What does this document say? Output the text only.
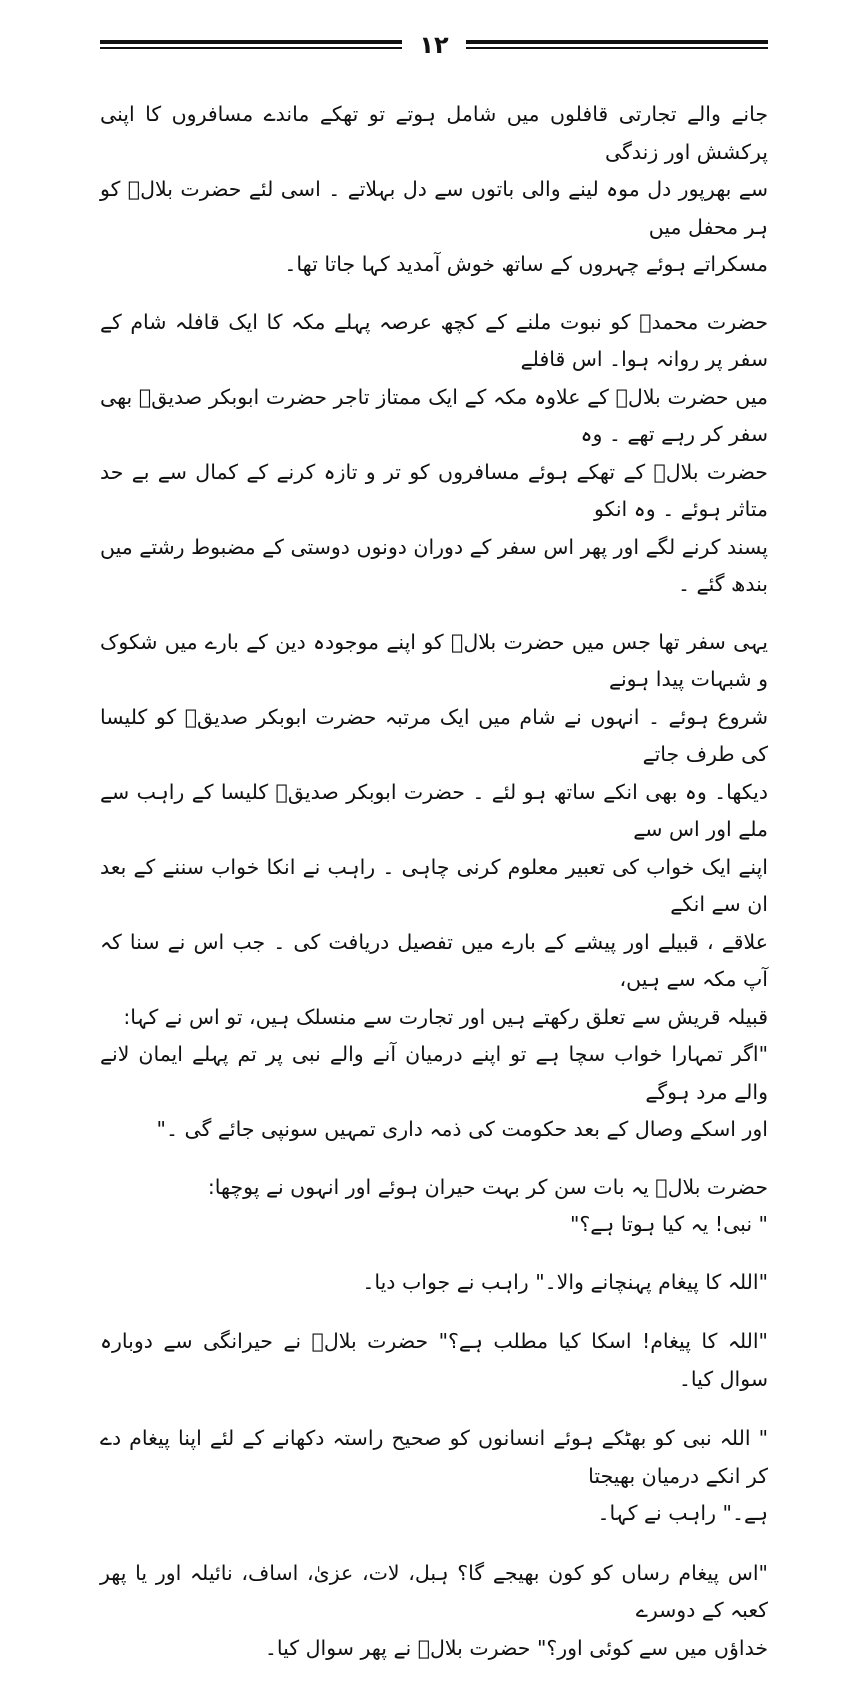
١٢

جانے والے تجارتی قافلوں میں شامل ہوتے تو تھکے ماندے مسافروں کا اپنی پرکشش اور زندگی
سے بھرپور دل موہ لینے والی باتوں سے دل بہلاتے ۔ اسی لئے حضرت بلالؓ کو ہر محفل میں
مسکراتے ہوئے چہروں کے ساتھ خوش آمدید کہا جاتا تھا۔

حضرت محمدؐ کو نبوت ملنے کے کچھ عرصہ پہلے مکہ کا ایک قافلہ شام کے سفر پر روانہ ہوا۔ اس قافلے
میں حضرت بلالؓ کے علاوہ مکہ کے ایک ممتاز تاجر حضرت ابوبکر صدیقؓ بھی سفر کر رہے تھے ۔ وہ
حضرت بلالؓ کے تھکے ہوئے مسافروں کو تر و تازہ کرنے کے کمال سے بے حد متاثر ہوئے ۔ وہ انکو
پسند کرنے لگے اور پھر اس سفر کے دوران دونوں دوستی کے مضبوط رشتے میں بندھ گئے ۔

یہی سفر تھا جس میں حضرت بلالؓ کو اپنے موجودہ دین کے بارے میں شکوک و شبہات پیدا ہونے
شروع ہوئے ۔ انہوں نے شام میں ایک مرتبہ حضرت ابوبکر صدیقؓ کو کلیسا کی طرف جاتے
دیکھا۔ وہ بھی انکے ساتھ ہو لئے ۔ حضرت ابوبکر صدیقؓ کلیسا کے راہب سے ملے اور اس سے
اپنے ایک خواب کی تعبیر معلوم کرنی چاہی ۔ راہب نے انکا خواب سننے کے بعد ان سے انکے
علاقے ، قبیلے اور پیشے کے بارے میں تفصیل دریافت کی ۔ جب اس نے سنا کہ آپ مکہ سے ہیں،
قبیلہ قریش سے تعلق رکھتے ہیں اور تجارت سے منسلک ہیں، تو اس نے کہا:
"اگر تمہارا خواب سچا ہے تو اپنے درمیان آنے والے نبی پر تم پہلے ایمان لانے والے مرد ہوگے
اور اسکے وصال کے بعد حکومت کی ذمہ داری تمہیں سونپی جائے گی ۔"

حضرت بلالؓ یہ بات سن کر بہت حیران ہوئے اور انہوں نے پوچھا:
" نبی! یہ کیا ہوتا ہے؟"

"اللہ کا پیغام پہنچانے والا۔" راہب نے جواب دیا۔

"اللہ کا پیغام! اسکا کیا مطلب ہے؟" حضرت بلالؓ نے حیرانگی سے دوبارہ سوال کیا۔

" اللہ نبی کو بھٹکے ہوئے انسانوں کو صحیح راستہ دکھانے کے لئے اپنا پیغام دے کر انکے درمیان بھیجتا
ہے۔" راہب نے کہا۔

"اس پیغام رساں کو کون بھیجے گا؟ ہبل، لات، عزیٰ، اساف، نائیلہ اور یا پھر کعبہ کے دوسرے
خداؤں میں سے کوئی اور؟" حضرت بلالؓ نے پھر سوال کیا۔
